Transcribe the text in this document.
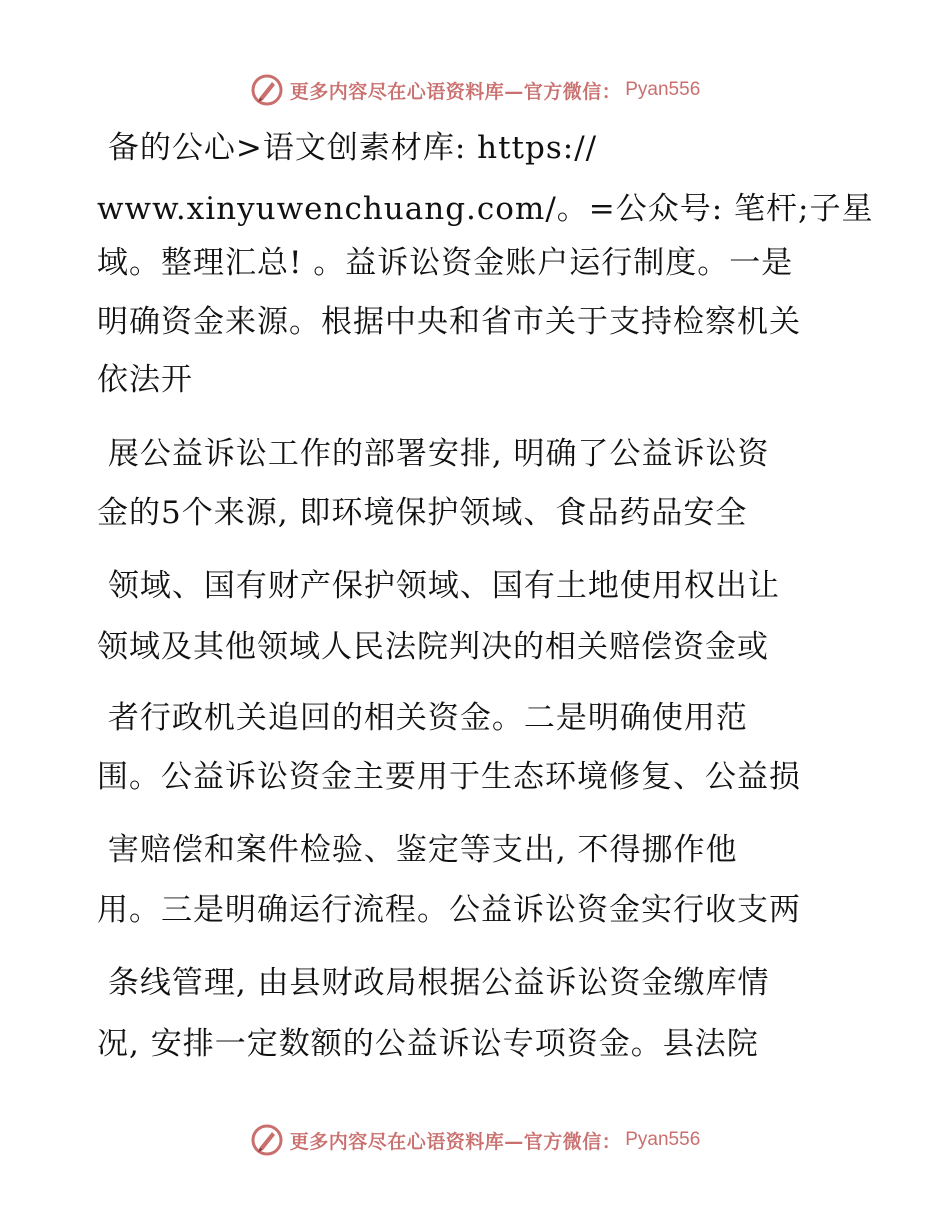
更多内容尽在心语资料库—官方微信： Pyan556
备的公心>语文创素材库: https://
www.xinyuwenchuang.com/。=公众号: 笔杆;子星
域。整理汇总! 。益诉讼资金账户运行制度。一是
明确资金来源。根据中央和省市关于支持检察机关
依法开
展公益诉讼工作的部署安排, 明确了公益诉讼资
金的5个来源, 即环境保护领域、食品药品安全
领域、国有财产保护领域、国有土地使用权出让
领域及其他领域人民法院判决的相关赔偿资金或
者行政机关追回的相关资金。二是明确使用范
围。公益诉讼资金主要用于生态环境修复、公益损
害赔偿和案件检验、鉴定等支出, 不得挪作他
用。三是明确运行流程。公益诉讼资金实行收支两
条线管理, 由县财政局根据公益诉讼资金缴库情
况, 安排一定数额的公益诉讼专项资金。县法院
更多内容尽在心语资料库—官方微信： Pyan556
